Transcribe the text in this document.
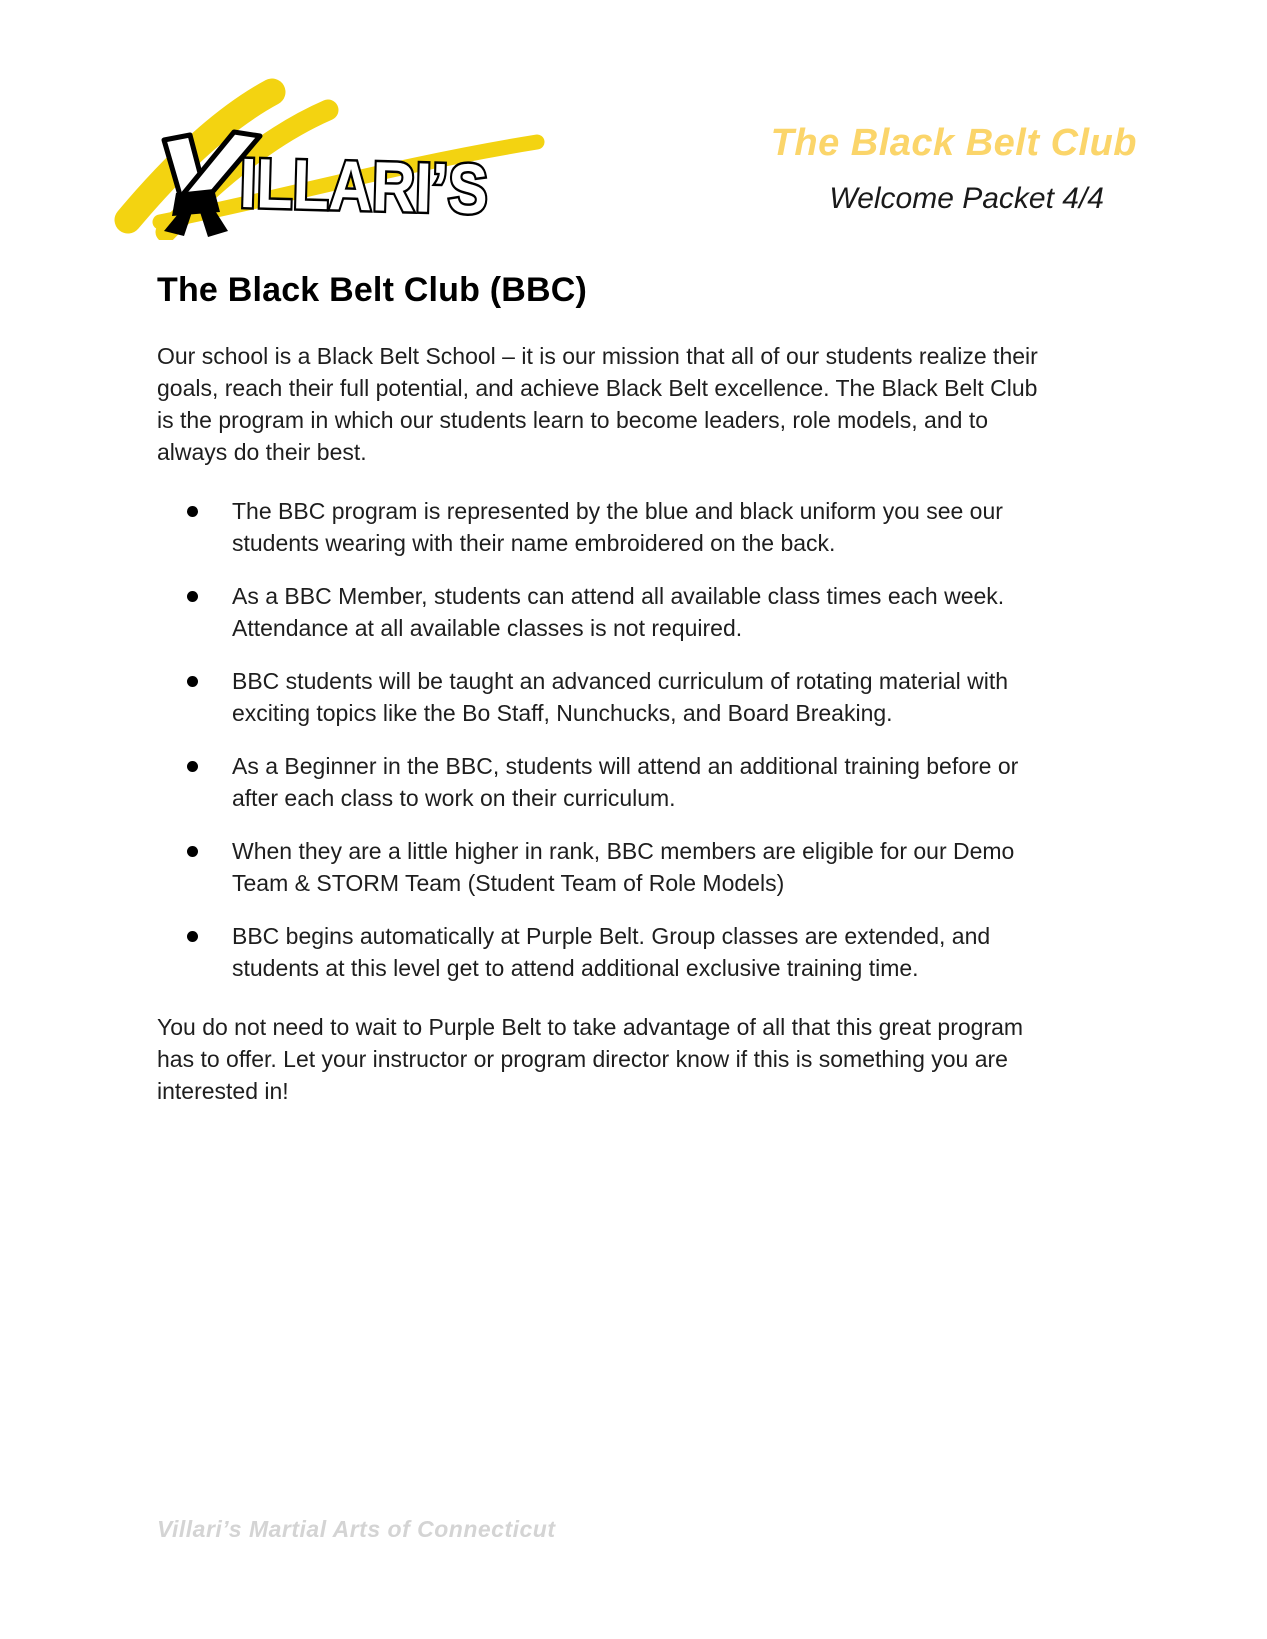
ILLARI’S
The Black Belt Club
Welcome Packet 4/4
The Black Belt Club (BBC)
Our school is a Black Belt School – it is our mission that all of our students realize their
goals, reach their full potential, and achieve Black Belt excellence. The Black Belt Club
is the program in which our students learn to become leaders, role models, and to
always do their best.
The BBC program is represented by the blue and black uniform you see our
students wearing with their name embroidered on the back.
As a BBC Member, students can attend all available class times each week.
Attendance at all available classes is not required.
BBC students will be taught an advanced curriculum of rotating material with
exciting topics like the Bo Staff, Nunchucks, and Board Breaking.
As a Beginner in the BBC, students will attend an additional training before or
after each class to work on their curriculum.
When they are a little higher in rank, BBC members are eligible for our Demo
Team & STORM Team (Student Team of Role Models)
BBC begins automatically at Purple Belt. Group classes are extended, and
students at this level get to attend additional exclusive training time.
You do not need to wait to Purple Belt to take advantage of all that this great program
has to offer. Let your instructor or program director know if this is something you are
interested in!
Villari’s Martial Arts of Connecticut
